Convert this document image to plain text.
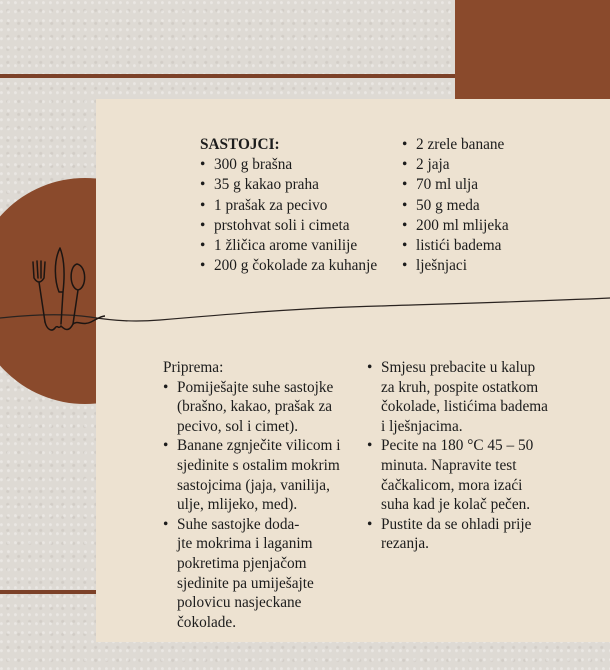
SASTOJCI:
• 300 g brašna
• 35 g kakao praha
• 1 prašak za pecivo
• prstohvat soli i cimeta
• 1 žličica arome vanilije
• 200 g čokolade za kuhanje
• 2 zrele banane
• 2 jaja
• 70 ml ulja
• 50 g meda
• 200 ml mlijeka
• listići badema
• lješnjaci
Priprema:
• Pomiješajte suhe sastojke
(brašno, kakao, prašak za
pecivo, sol i cimet).
• Banane zgnječite vilicom i
sjedinite s ostalim mokrim
sastojcima (jaja, vanilija,
ulje, mlijeko, med).
• Suhe sastojke doda-
jte mokrima i laganim
pokretima pjenjačom
sjedinite pa umiješajte
polovicu nasjeckane
čokolade.
• Smjesu prebacite u kalup
za kruh, pospite ostatkom
čokolade, listićima badema
i lješnjacima.
• Pecite na 180 °C 45 – 50
minuta. Napravite test
čačkalicom, mora izaći
suha kad je kolač pečen.
• Pustite da se ohladi prije
rezanja.
